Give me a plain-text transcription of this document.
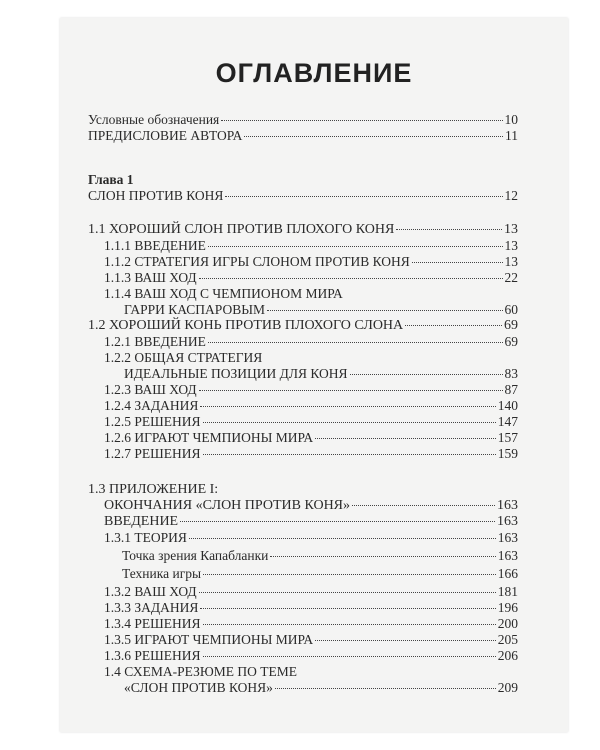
ОГЛАВЛЕНИЕ
Условные обозначения	10
ПРЕДИСЛОВИЕ АВТОРА	11
Глава 1
СЛОН ПРОТИВ КОНЯ	12
1.1 ХОРОШИЙ СЛОН ПРОТИВ ПЛОХОГО КОНЯ	13
1.1.1 ВВЕДЕНИЕ	13
1.1.2 СТРАТЕГИЯ ИГРЫ СЛОНОМ ПРОТИВ КОНЯ	13
1.1.3 ВАШ ХОД	22
1.1.4 ВАШ ХОД С ЧЕМПИОНОМ МИРА
ГАРРИ КАСПАРОВЫМ	60
1.2 ХОРОШИЙ КОНЬ ПРОТИВ ПЛОХОГО СЛОНА	69
1.2.1 ВВЕДЕНИЕ	69
1.2.2 ОБЩАЯ СТРАТЕГИЯ
ИДЕАЛЬНЫЕ ПОЗИЦИИ ДЛЯ КОНЯ	83
1.2.3 ВАШ ХОД	87
1.2.4 ЗАДАНИЯ	140
1.2.5 РЕШЕНИЯ	147
1.2.6 ИГРАЮТ ЧЕМПИОНЫ МИРА	157
1.2.7 РЕШЕНИЯ	159
1.3 ПРИЛОЖЕНИЕ I:
ОКОНЧАНИЯ «СЛОН ПРОТИВ КОНЯ»	163
ВВЕДЕНИЕ	163
1.3.1 ТЕОРИЯ	163
Точка зрения Капабланки	163
Техника игры	166
1.3.2 ВАШ ХОД	181
1.3.3 ЗАДАНИЯ	196
1.3.4 РЕШЕНИЯ	200
1.3.5 ИГРАЮТ ЧЕМПИОНЫ МИРА	205
1.3.6 РЕШЕНИЯ	206
1.4 СХЕМА-РЕЗЮМЕ ПО ТЕМЕ
«СЛОН ПРОТИВ КОНЯ»	209
